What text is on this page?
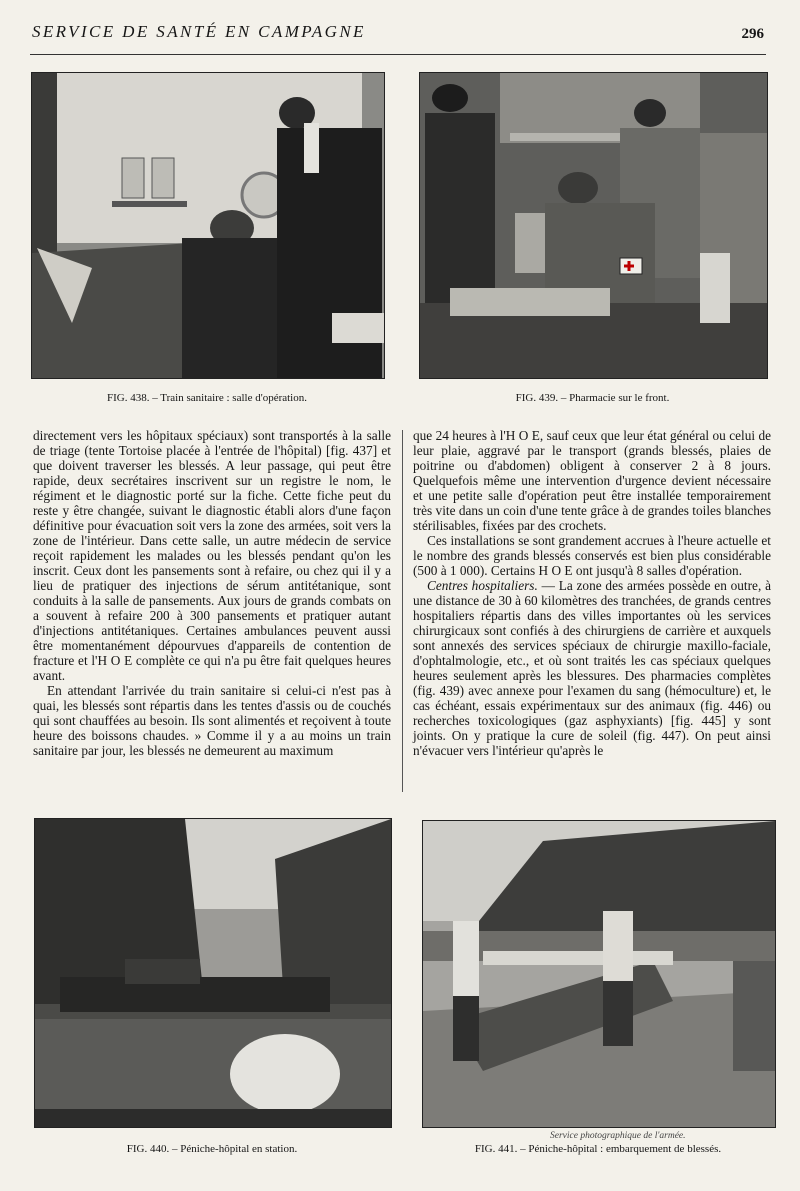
SERVICE DE SANTÉ EN CAMPAGNE	296
FIG. 438. – Train sanitaire : salle d'opération.	FIG. 439. – Pharmacie sur le front.

directement vers les hôpitaux spéciaux) sont transportés à la salle de triage (tente Tortoise placée à l'entrée de l'hôpital) [fig. 437] et que doivent traverser les blessés. A leur passage, qui peut être rapide, deux secrétaires inscrivent sur un registre le nom, le régiment et le diagnostic porté sur la fiche. Cette fiche peut du reste y être changée, suivant le diagnostic établi alors d'une façon définitive pour évacuation soit vers la zone des armées, soit vers la zone de l'intérieur. Dans cette salle, un autre médecin de service reçoit rapidement les malades ou les blessés pendant qu'on les inscrit. Ceux dont les pansements sont à refaire, ou chez qui il y a lieu de pratiquer des injections de sérum antitétanique, sont conduits à la salle de pansements. Aux jours de grands combats on a souvent à refaire 200 à 300 pansements et pratiquer autant d'injections antitétaniques. Certaines ambulances peuvent aussi être momentanément dépourvues d'appareils de contention de fracture et l'H O E complète ce qui n'a pu être fait quelques heures avant.

En attendant l'arrivée du train sanitaire si celui-ci n'est pas à quai, les blessés sont répartis dans les tentes d'assis ou de couchés qui sont chauffées au besoin. Ils sont alimentés et reçoivent à toute heure des boissons chaudes. » Comme il y a au moins un train sanitaire par jour, les blessés ne demeurent au maximum

que 24 heures à l'H O E, sauf ceux que leur état général ou celui de leur plaie, aggravé par le transport (grands blessés, plaies de poitrine ou d'abdomen) obligent à conserver 2 à 8 jours. Quelquefois même une intervention d'urgence devient nécessaire et une petite salle d'opération peut être installée temporairement très vite dans un coin d'une tente grâce à de grandes toiles blanches stérilisables, fixées par des crochets.

Ces installations se sont grandement accrues à l'heure actuelle et le nombre des grands blessés conservés est bien plus considérable (500 à 1 000). Certains H O E ont jusqu'à 8 salles d'opération.

Centres hospitaliers. — La zone des armées possède en outre, à une distance de 30 à 60 kilomètres des tranchées, de grands centres hospitaliers répartis dans des villes importantes où les services chirurgicaux sont confiés à des chirurgiens de carrière et auxquels sont annexés des services spéciaux de chirurgie maxillo-faciale, d'ophtalmologie, etc., et où sont traités les cas spéciaux quelques heures seulement après les blessures. Des pharmacies complètes (fig. 439) avec annexe pour l'examen du sang (hémoculture) et, le cas échéant, essais expérimentaux sur des animaux (fig. 446) ou recherches toxicologiques (gaz asphyxiants) [fig. 445] y sont joints. On y pratique la cure de soleil (fig. 447). On peut ainsi n'évacuer vers l'intérieur qu'après le

FIG. 440. – Péniche-hôpital en station.
Service photographique de l'armée.
FIG. 441. – Péniche-hôpital : embarquement de blessés.
